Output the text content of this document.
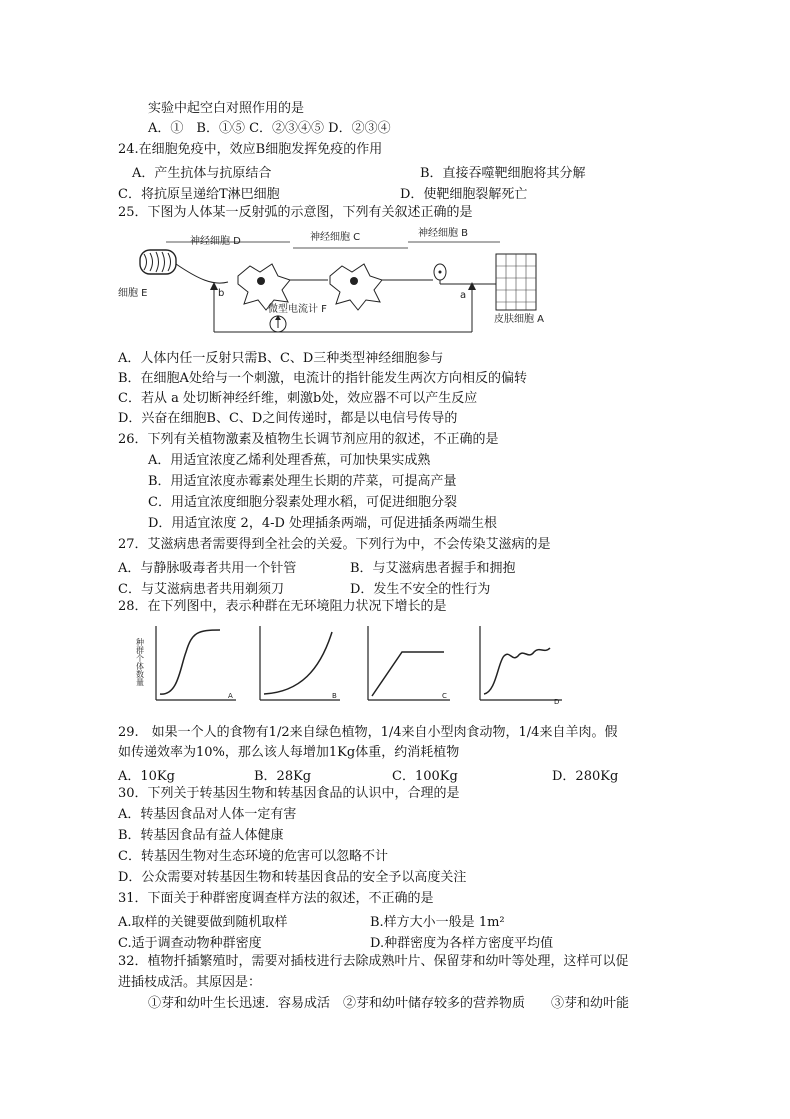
实验中起空白对照作用的是
A．①　B．①⑤ C．②③④⑤ D．②③④
24.在细胞免疫中，效应B细胞发挥免疫的作用
A．产生抗体与抗原结合	B．直接吞噬靶细胞将其分解
C．将抗原呈递给T淋巴细胞	D．使靶细胞裂解死亡
25．下图为人体某一反射弧的示意图，下列有关叙述正确的是
神经细胞 D	神经细胞 C	神经细胞 B
细胞 E
皮肤细胞 A
b	a
微型电流计 F
A．人体内任一反射只需B、C、D三种类型神经细胞参与
B．在细胞A处给与一个刺激，电流计的指针能发生两次方向相反的偏转
C．若从 a 处切断神经纤维，刺激b处，效应器不可以产生反应
D．兴奋在细胞B、C、D之间传递时，都是以电信号传导的
26．下列有关植物激素及植物生长调节剂应用的叙述，不正确的是
A．用适宜浓度乙烯利处理香蕉，可加快果实成熟
B．用适宜浓度赤霉素处理生长期的芹菜，可提高产量
C．用适宜浓度细胞分裂素处理水稻，可促进细胞分裂
D．用适宜浓度 2，4-D 处理插条两端，可促进插条两端生根
27．艾滋病患者需要得到全社会的关爱。下列行为中，不会传染艾滋病的是
A．与静脉吸毒者共用一个针管	B．与艾滋病患者握手和拥抱
C．与艾滋病患者共用剃须刀	D．发生不安全的性行为
28．在下列图中，表示种群在无环境阻力状况下增长的是
种群个体数量
A	B	C
D
29.　如果一个人的食物有1/2来自绿色植物，1/4来自小型肉食动物，1/4来自羊肉。假
如传递效率为10%，那么该人每增加1Kg体重，约消耗植物
A．10Kg	B．28Kg	C．100Kg	D．280Kg
30．下列关于转基因生物和转基因食品的认识中，合理的是
A．转基因食品对人体一定有害
B．转基因食品有益人体健康
C．转基因生物对生态环境的危害可以忽略不计
D．公众需要对转基因生物和转基因食品的安全予以高度关注
31．下面关于种群密度调查样方法的叙述，不正确的是
A.取样的关键要做到随机取样	B.样方大小一般是 1m²
C.适于调查动物种群密度	D.种群密度为各样方密度平均值
32．植物扦插繁殖时，需要对插枝进行去除成熟叶片、保留芽和幼叶等处理，这样可以促
进插枝成活。其原因是：
①芽和幼叶生长迅速．容易成活　②芽和幼叶储存较多的营养物质　　③芽和幼叶能
